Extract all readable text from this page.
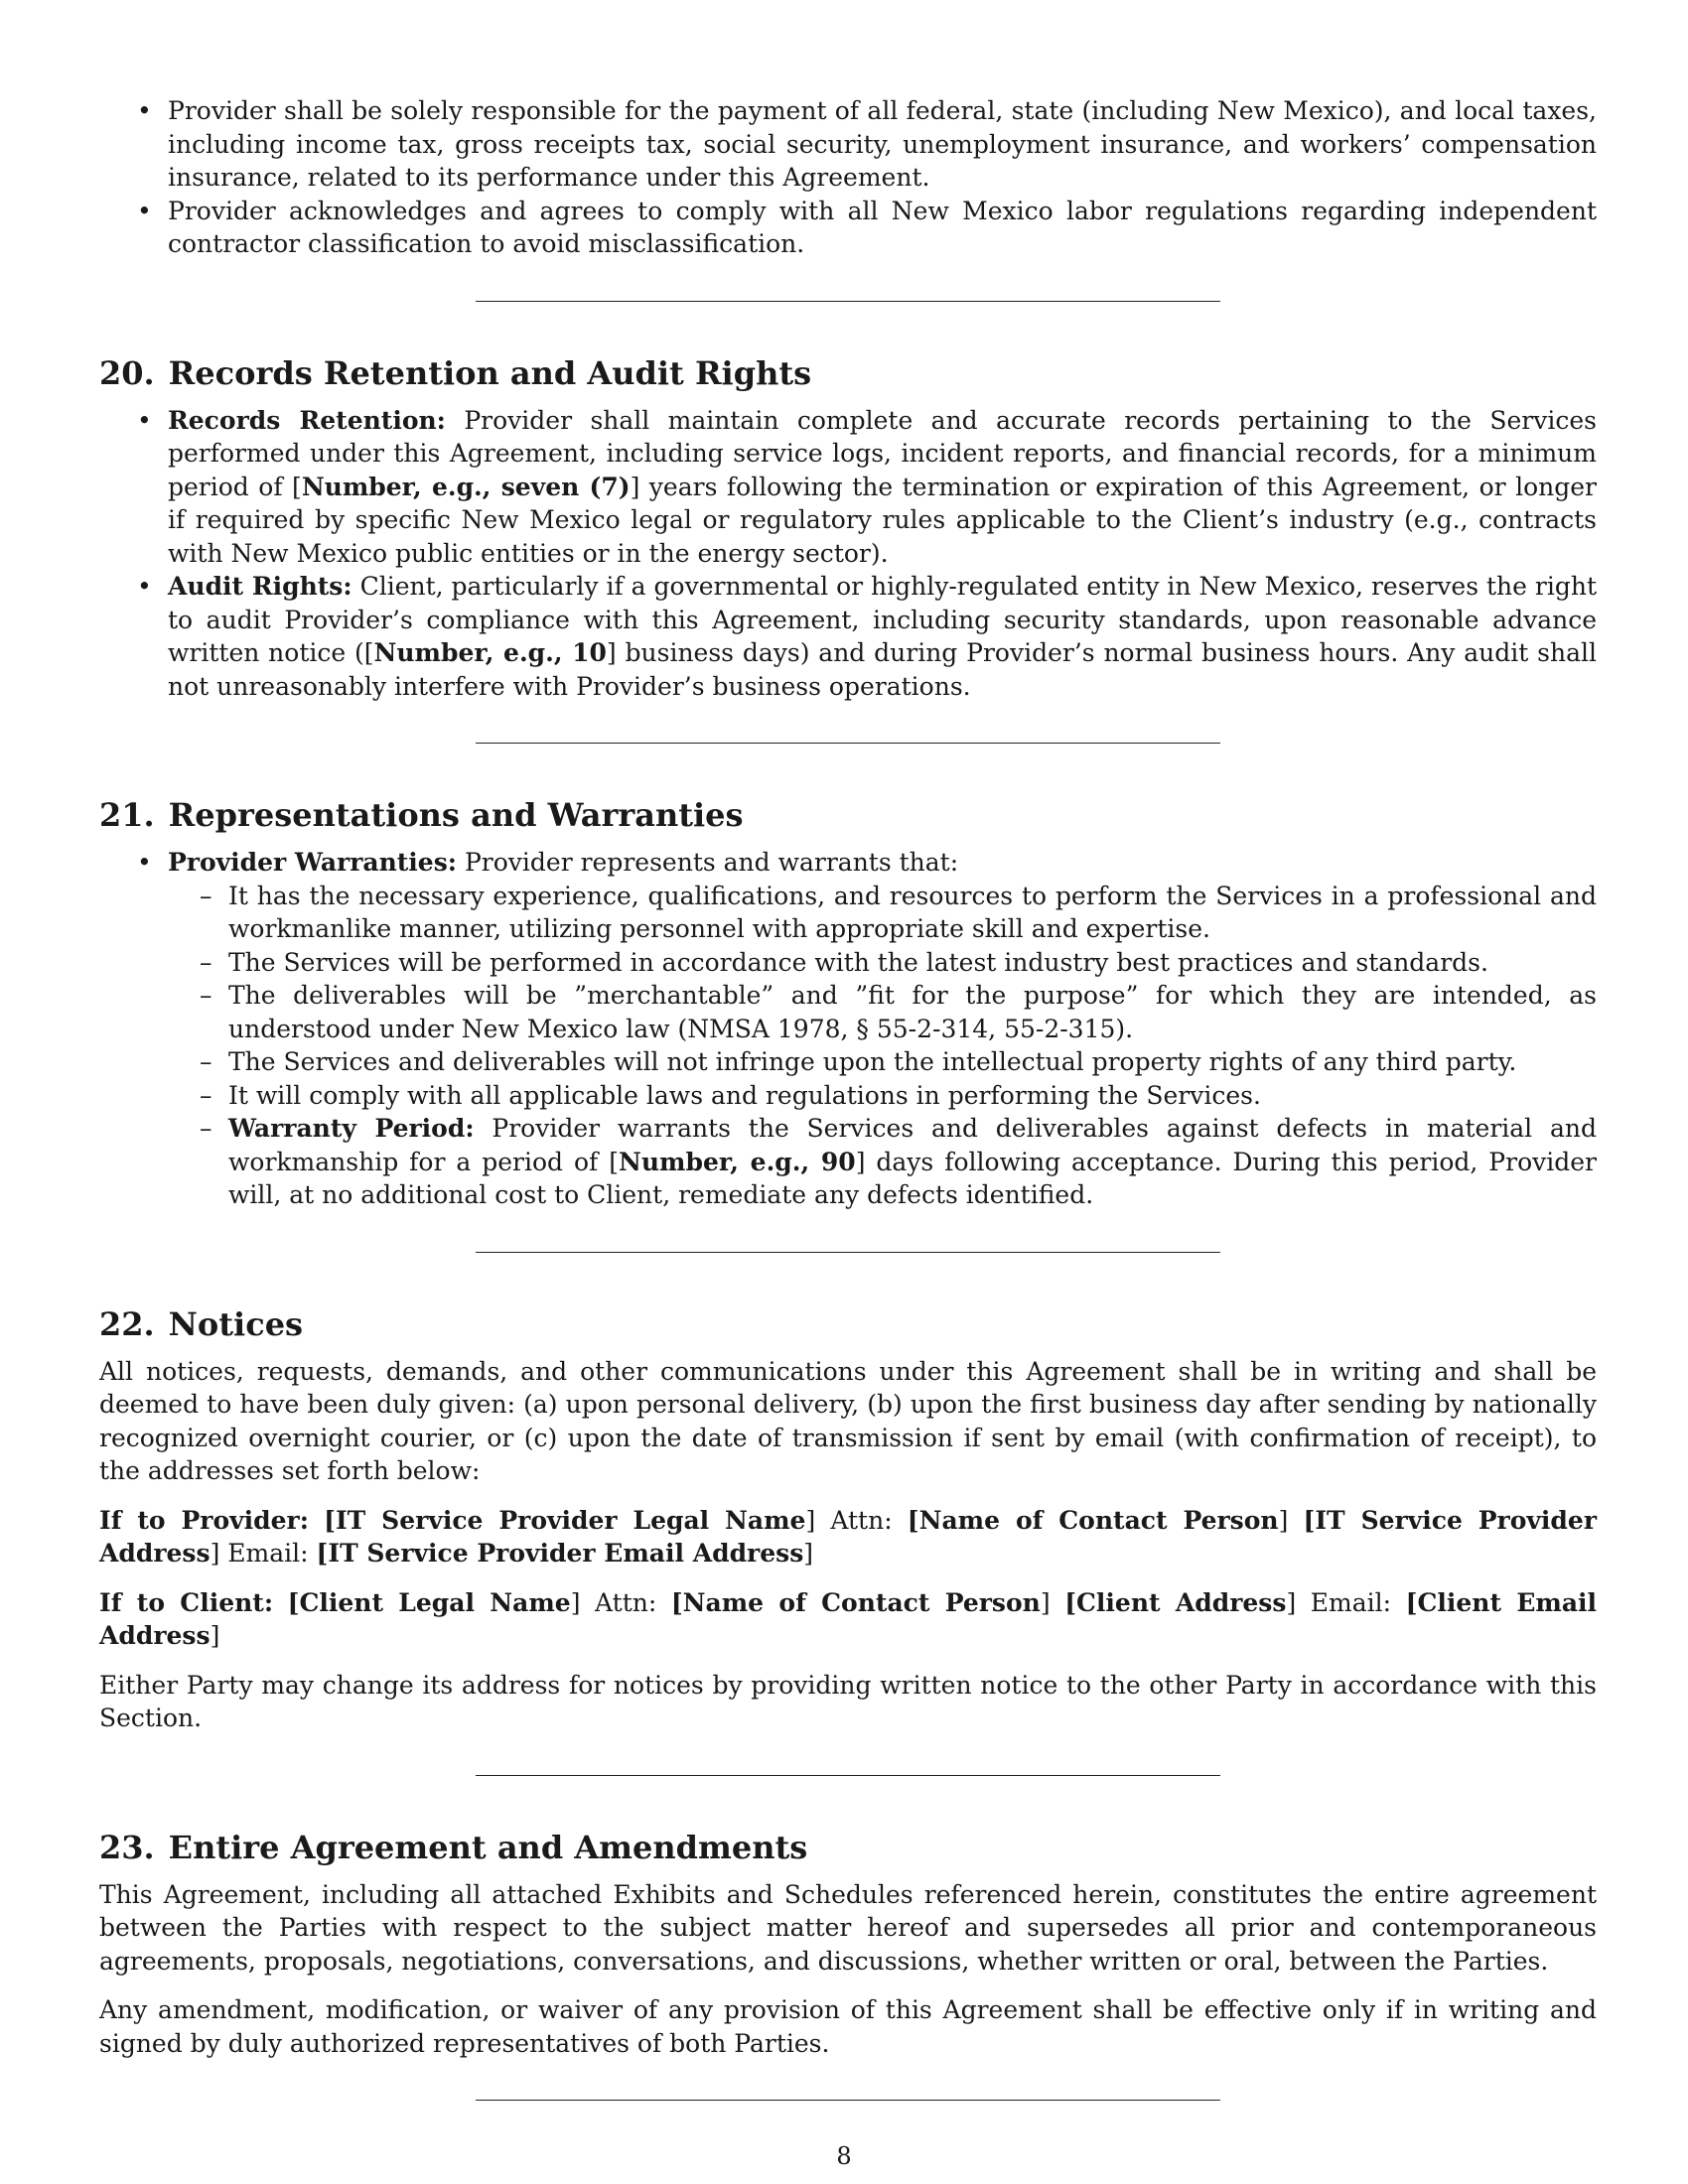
• Provider shall be solely responsible for the payment of all federal, state (including New Mexico), and local taxes, including income tax, gross receipts tax, social security, unemployment insurance, and workers’ compensation insurance, related to its performance under this Agreement.
• Provider acknowledges and agrees to comply with all New Mexico labor regulations regarding independent contractor classification to avoid misclassification.
20. Records Retention and Audit Rights
• Records Retention: Provider shall maintain complete and accurate records pertaining to the Services performed under this Agreement, including service logs, incident reports, and financial records, for a minimum period of [Number, e.g., seven (7)] years following the termination or expiration of this Agreement, or longer if required by specific New Mexico legal or regulatory rules applicable to the Client’s industry (e.g., contracts with New Mexico public entities or in the energy sector).
• Audit Rights: Client, particularly if a governmental or highly-regulated entity in New Mexico, reserves the right to audit Provider’s compliance with this Agreement, including security standards, upon reasonable advance written notice ([Number, e.g., 10] business days) and during Provider’s normal business hours. Any audit shall not unreasonably interfere with Provider’s business operations.
21. Representations and Warranties
• Provider Warranties: Provider represents and warrants that:
– It has the necessary experience, qualifications, and resources to perform the Services in a professional and workmanlike manner, utilizing personnel with appropriate skill and expertise.
– The Services will be performed in accordance with the latest industry best practices and standards.
– The deliverables will be ”merchantable” and ”fit for the purpose” for which they are intended, as understood under New Mexico law (NMSA 1978, § 55-2-314, 55-2-315).
– The Services and deliverables will not infringe upon the intellectual property rights of any third party.
– It will comply with all applicable laws and regulations in performing the Services.
– Warranty Period: Provider warrants the Services and deliverables against defects in material and workmanship for a period of [Number, e.g., 90] days following acceptance. During this period, Provider will, at no additional cost to Client, remediate any defects identified.
22. Notices

All notices, requests, demands, and other communications under this Agreement shall be in writing and shall be deemed to have been duly given: (a) upon personal delivery, (b) upon the first business day after sending by nationally recognized overnight courier, or (c) upon the date of transmission if sent by email (with confirmation of receipt), to the addresses set forth below:

If to Provider: [IT Service Provider Legal Name] Attn: [Name of Contact Person] [IT Service Provider Address] Email: [IT Service Provider Email Address]

If to Client: [Client Legal Name] Attn: [Name of Contact Person] [Client Address] Email: [Client Email Address]

Either Party may change its address for notices by providing written notice to the other Party in accordance with this Section.

23. Entire Agreement and Amendments

This Agreement, including all attached Exhibits and Schedules referenced herein, constitutes the entire agreement between the Parties with respect to the subject matter hereof and supersedes all prior and contemporaneous agreements, proposals, negotiations, conversations, and discussions, whether written or oral, between the Parties.

Any amendment, modification, or waiver of any provision of this Agreement shall be effective only if in writing and signed by duly authorized representatives of both Parties.

8
